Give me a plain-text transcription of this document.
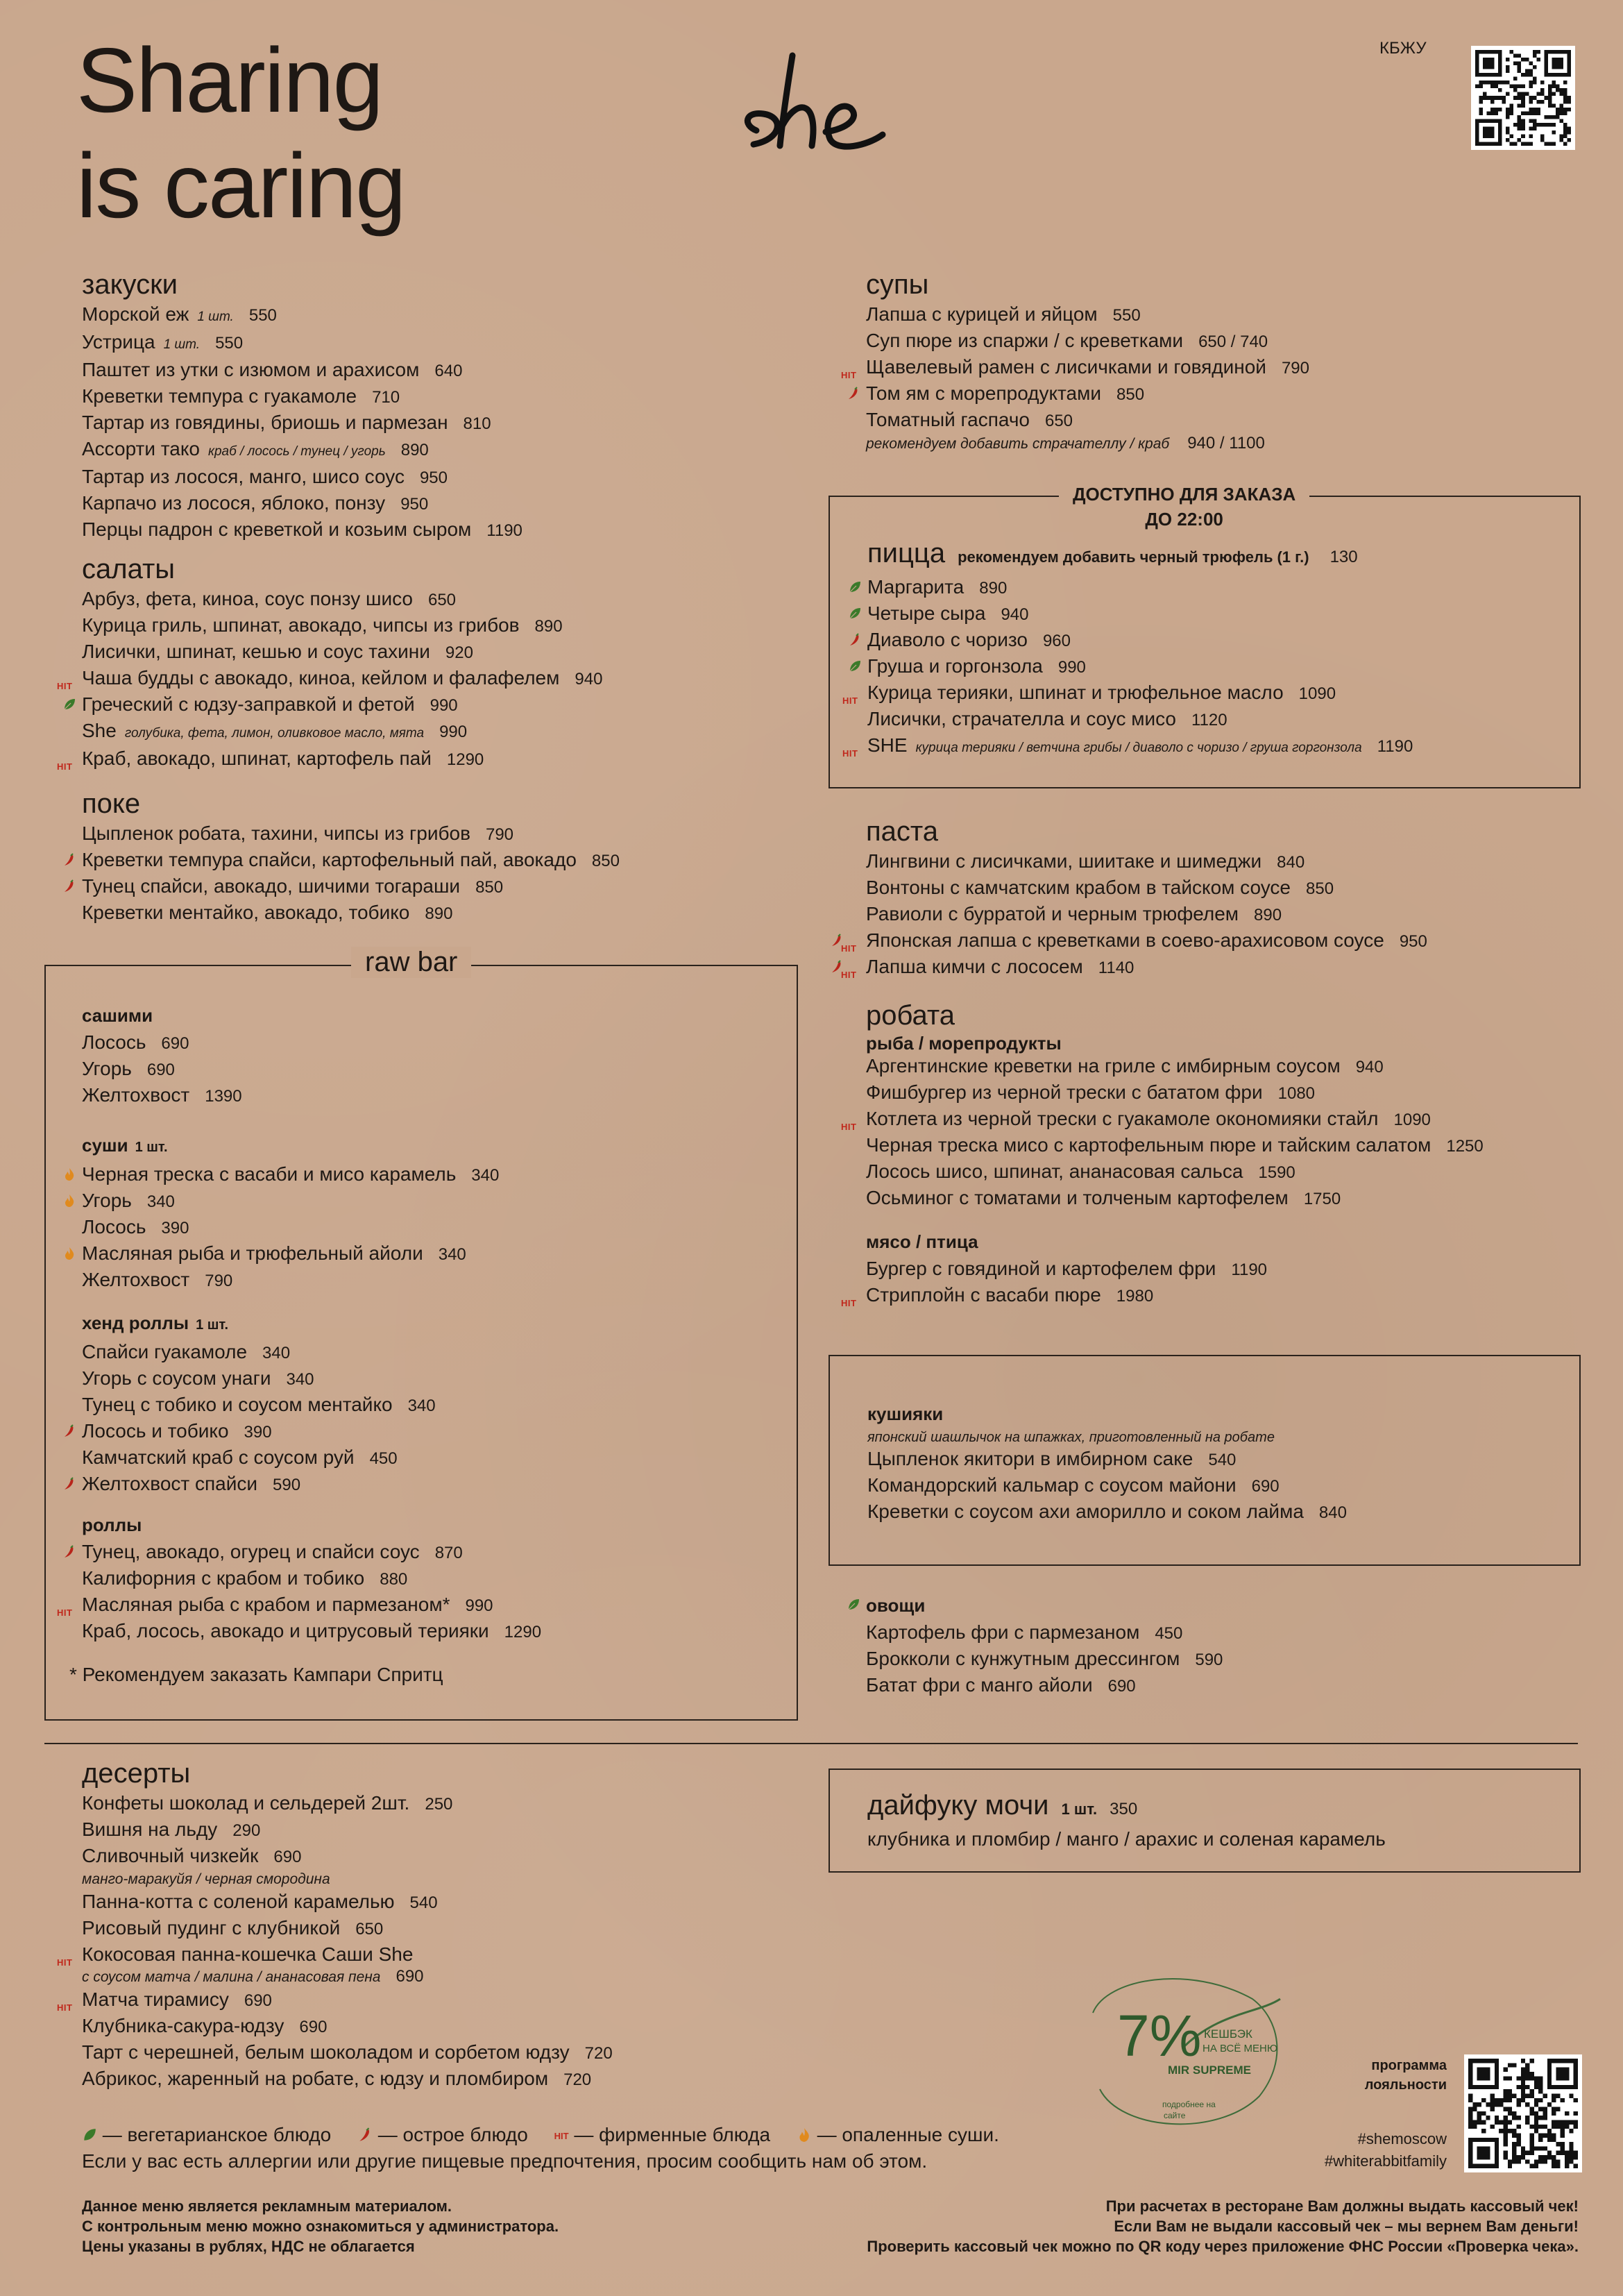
Sharing
is caring
КБЖУ
закуски
Морской еж 1 шт. 550
Устрица 1 шт. 550
Паштет из утки с изюмом и арахисом 640
Креветки темпура с гуакамоле 710
Тартар из говядины, бриошь и пармезан 810
Ассорти тако краб / лосось / тунец / угорь 890
Тартар из лосося, манго, шисо соус 950
Карпачо из лосося, яблоко, понзу 950
Перцы падрон с креветкой и козьим сыром 1190
салаты
Арбуз, фета, киноа, соус понзу шисо 650
Курица гриль, шпинат, авокадо, чипсы из грибов 890
Лисички, шпинат, кешью и соус тахини 920
HIT Чаша будды с авокадо, киноа, кейлом и фалафелем 940
Греческий с юдзу-заправкой и фетой 990
She голубика, фета, лимон, оливковое масло, мята 990
HIT Краб, авокадо, шпинат, картофель пай 1290
поке
Цыпленок робата, тахини, чипсы из грибов 790
Креветки темпура спайси, картофельный пай, авокадо 850
Тунец спайси, авокадо, шичими тогараши 850
Креветки ментайко, авокадо, тобико 890
raw bar
сашими
Лосось 690
Угорь 690
Желтохвост 1390
суши 1 шт.
Черная треска с васаби и мисо карамель 340
Угорь 340
Лосось 390
Масляная рыба и трюфельный айоли 340
Желтохвост 790
хенд роллы 1 шт.
Спайси гуакамоле 340
Угорь с соусом унаги 340
Тунец с тобико и соусом ментайко 340
Лосось и тобико 390
Камчатский краб с соусом руй 450
Желтохвост спайси 590
роллы
Тунец, авокадо, огурец и спайси соус 870
Калифорния с крабом и тобико 880
HIT Масляная рыба с крабом и пармезаном* 990
Краб, лосось, авокадо и цитрусовый терияки 1290
* Рекомендуем заказать Кампари Спритц
супы
Лапша с курицей и яйцом 550
Суп пюре из спаржи / с креветками 650 / 740
HIT Щавелевый рамен с лисичками и говядиной 790
Том ям с морепродуктами 850
Томатный гаспачо 650
рекомендуем добавить страчателлу / краб 940 / 1100
ДОСТУПНО ДЛЯ ЗАКАЗА
ДО 22:00
пицца рекомендуем добавить черный трюфель (1 г.) 130
Маргарита 890
Четыре сыра 940
Диаволо с чоризо 960
Груша и горгонзола 990
HIT Курица терияки, шпинат и трюфельное масло 1090
Лисички, страчателла и соус мисо 1120
HIT SHE курица терияки / ветчина грибы / диаволо с чоризо / груша горгонзола 1190
паста
Лингвини с лисичками, шиитаке и шимеджи 840
Вонтоны с камчатским крабом в тайском соусе 850
Равиоли с бурратой и черным трюфелем 890
HIT Японская лапша с креветками в соево-арахисовом соусе 950
HIT Лапша кимчи с лососем 1140
робата
рыба / морепродукты
Аргентинские креветки на гриле с имбирным соусом 940
Фишбургер из черной трески с бататом фри 1080
HIT Котлета из черной трески с гуакамоле окономияки стайл 1090
Черная треска мисо с картофельным пюре и тайским салатом 1250
Лосось шисо, шпинат, ананасовая сальса 1590
Осьминог с томатами и толченым картофелем 1750
мясо / птица
Бургер с говядиной и картофелем фри 1190
HIT Стриплойн с васаби пюре 1980
кушияки
японский шашлычок на шпажках, приготовленный на робате
Цыпленок якитори в имбирном саке 540
Командорский кальмар с соусом майони 690
Креветки с соусом ахи аморилло и соком лайма 840
овощи
Картофель фри с пармезаном 450
Брокколи с кунжутным дрессингом 590
Батат фри с манго айоли 690
десерты
Конфеты шоколад и сельдерей 2шт. 250
Вишня на льду 290
Сливочный чизкейк 690
манго-маракуйя / черная смородина
Панна-котта с соленой карамелью 540
Рисовый пудинг с клубникой 650
HIT Кокосовая панна-кошечка Саши She
с соусом матча / малина / ананасовая пена 690
HIT Матча тирамису 690
Клубника-сакура-юдзу 690
Тарт с черешней, белым шоколадом и сорбетом юдзу 720
Абрикос, жаренный на робате, с юдзу и пломбиром 720
дайфуку мочи 1 шт. 350
клубника и пломбир / манго / арахис и соленая карамель
7% КЕШБЭК
НА ВСЁ МЕНЮ
MIR SUPREME
подробнее на
сайте
программа
лояльности
#shemoscow
#whiterabbitfamily
— вегетарианское блюдо — острое блюдо	HIT — фирменные блюда — опаленные суши.
Если у вас есть аллергии или другие пищевые предпочтения, просим сообщить нам об этом.
Данное меню является рекламным материалом.
С контрольным меню можно ознакомиться у администратора.
Цены указаны в рублях, НДС не облагается
При расчетах в ресторане Вам должны выдать кассовый чек!
Если Вам не выдали кассовый чек – мы вернем Вам деньги!
Проверить кассовый чек можно по QR коду через приложение ФНС России «Проверка чека».
